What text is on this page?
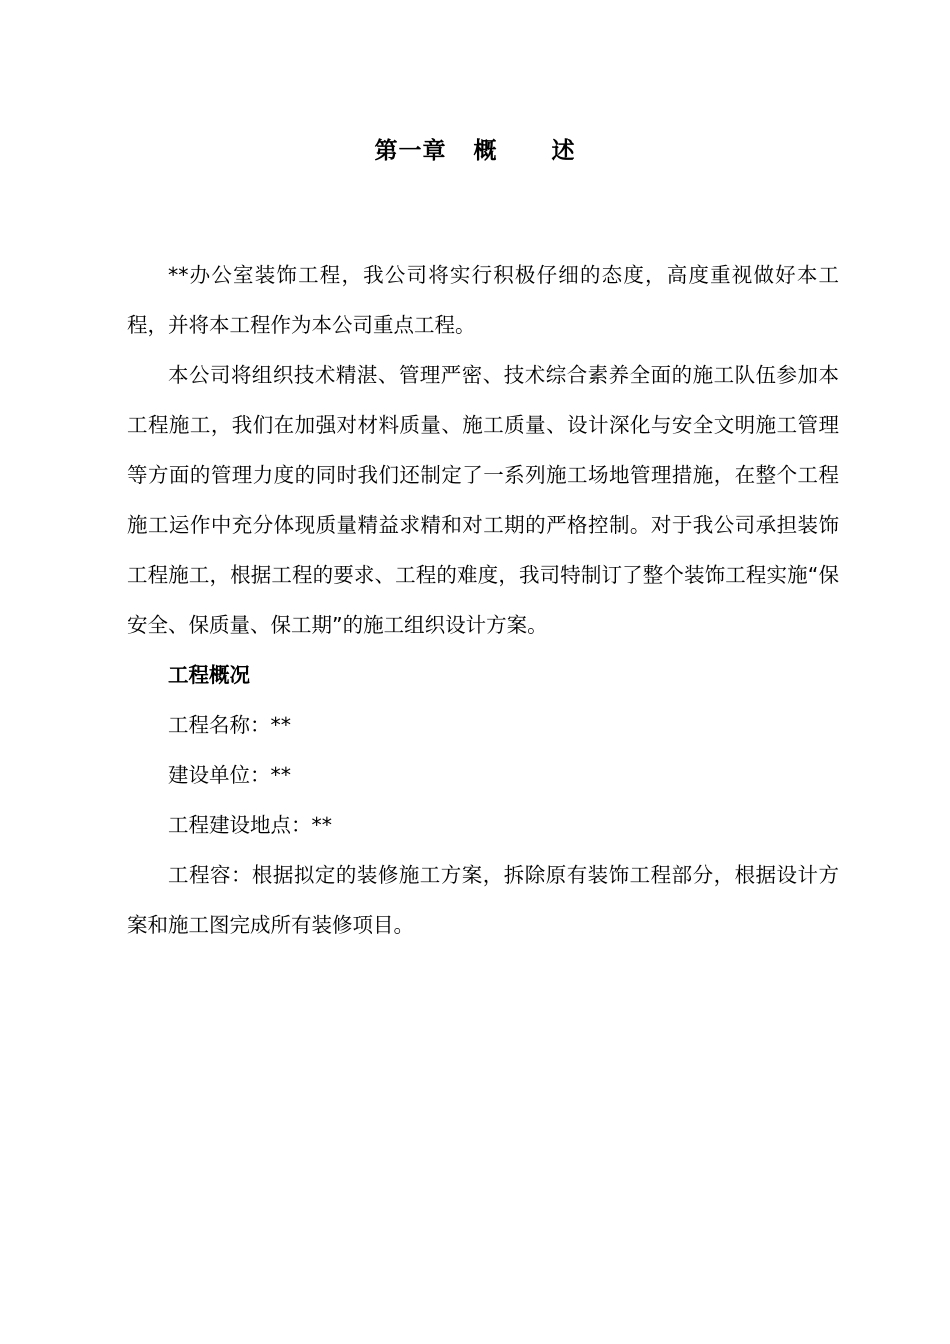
第一章   概      述

**办公室装饰工程，我公司将实行积极仔细的态度，高度重视做好本工程，并将本工程作为本公司重点工程。

本公司将组织技术精湛、管理严密、技术综合素养全面的施工队伍参加本工程施工，我们在加强对材料质量、施工质量、设计深化与安全文明施工管理等方面的管理力度的同时我们还制定了一系列施工场地管理措施，在整个工程施工运作中充分体现质量精益求精和对工期的严格控制。对于我公司承担装饰工程施工，根据工程的要求、工程的难度，我司特制订了整个装饰工程实施“保安全、保质量、保工期”的施工组织设计方案。

工程概况

工程名称：**

建设单位：**

工程建设地点：**

工程容：根据拟定的装修施工方案，拆除原有装饰工程部分，根据设计方案和施工图完成所有装修项目。
